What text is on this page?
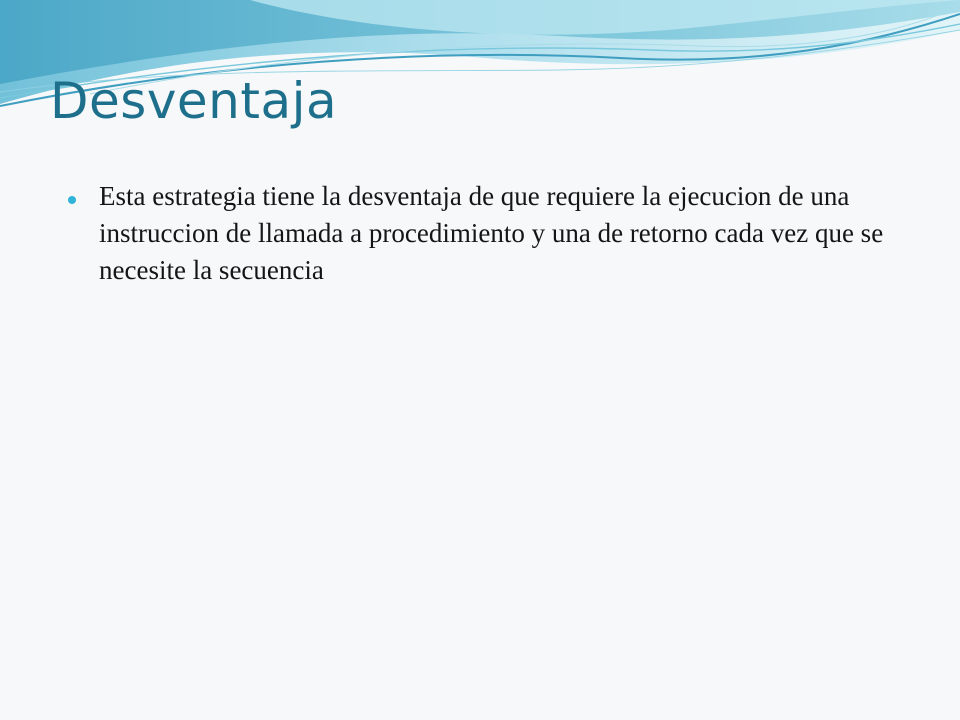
Desventaja
Esta estrategia tiene la desventaja de que requiere la ejecucion de una instruccion de llamada a procedimiento y una de retorno cada vez que se necesite la secuencia
